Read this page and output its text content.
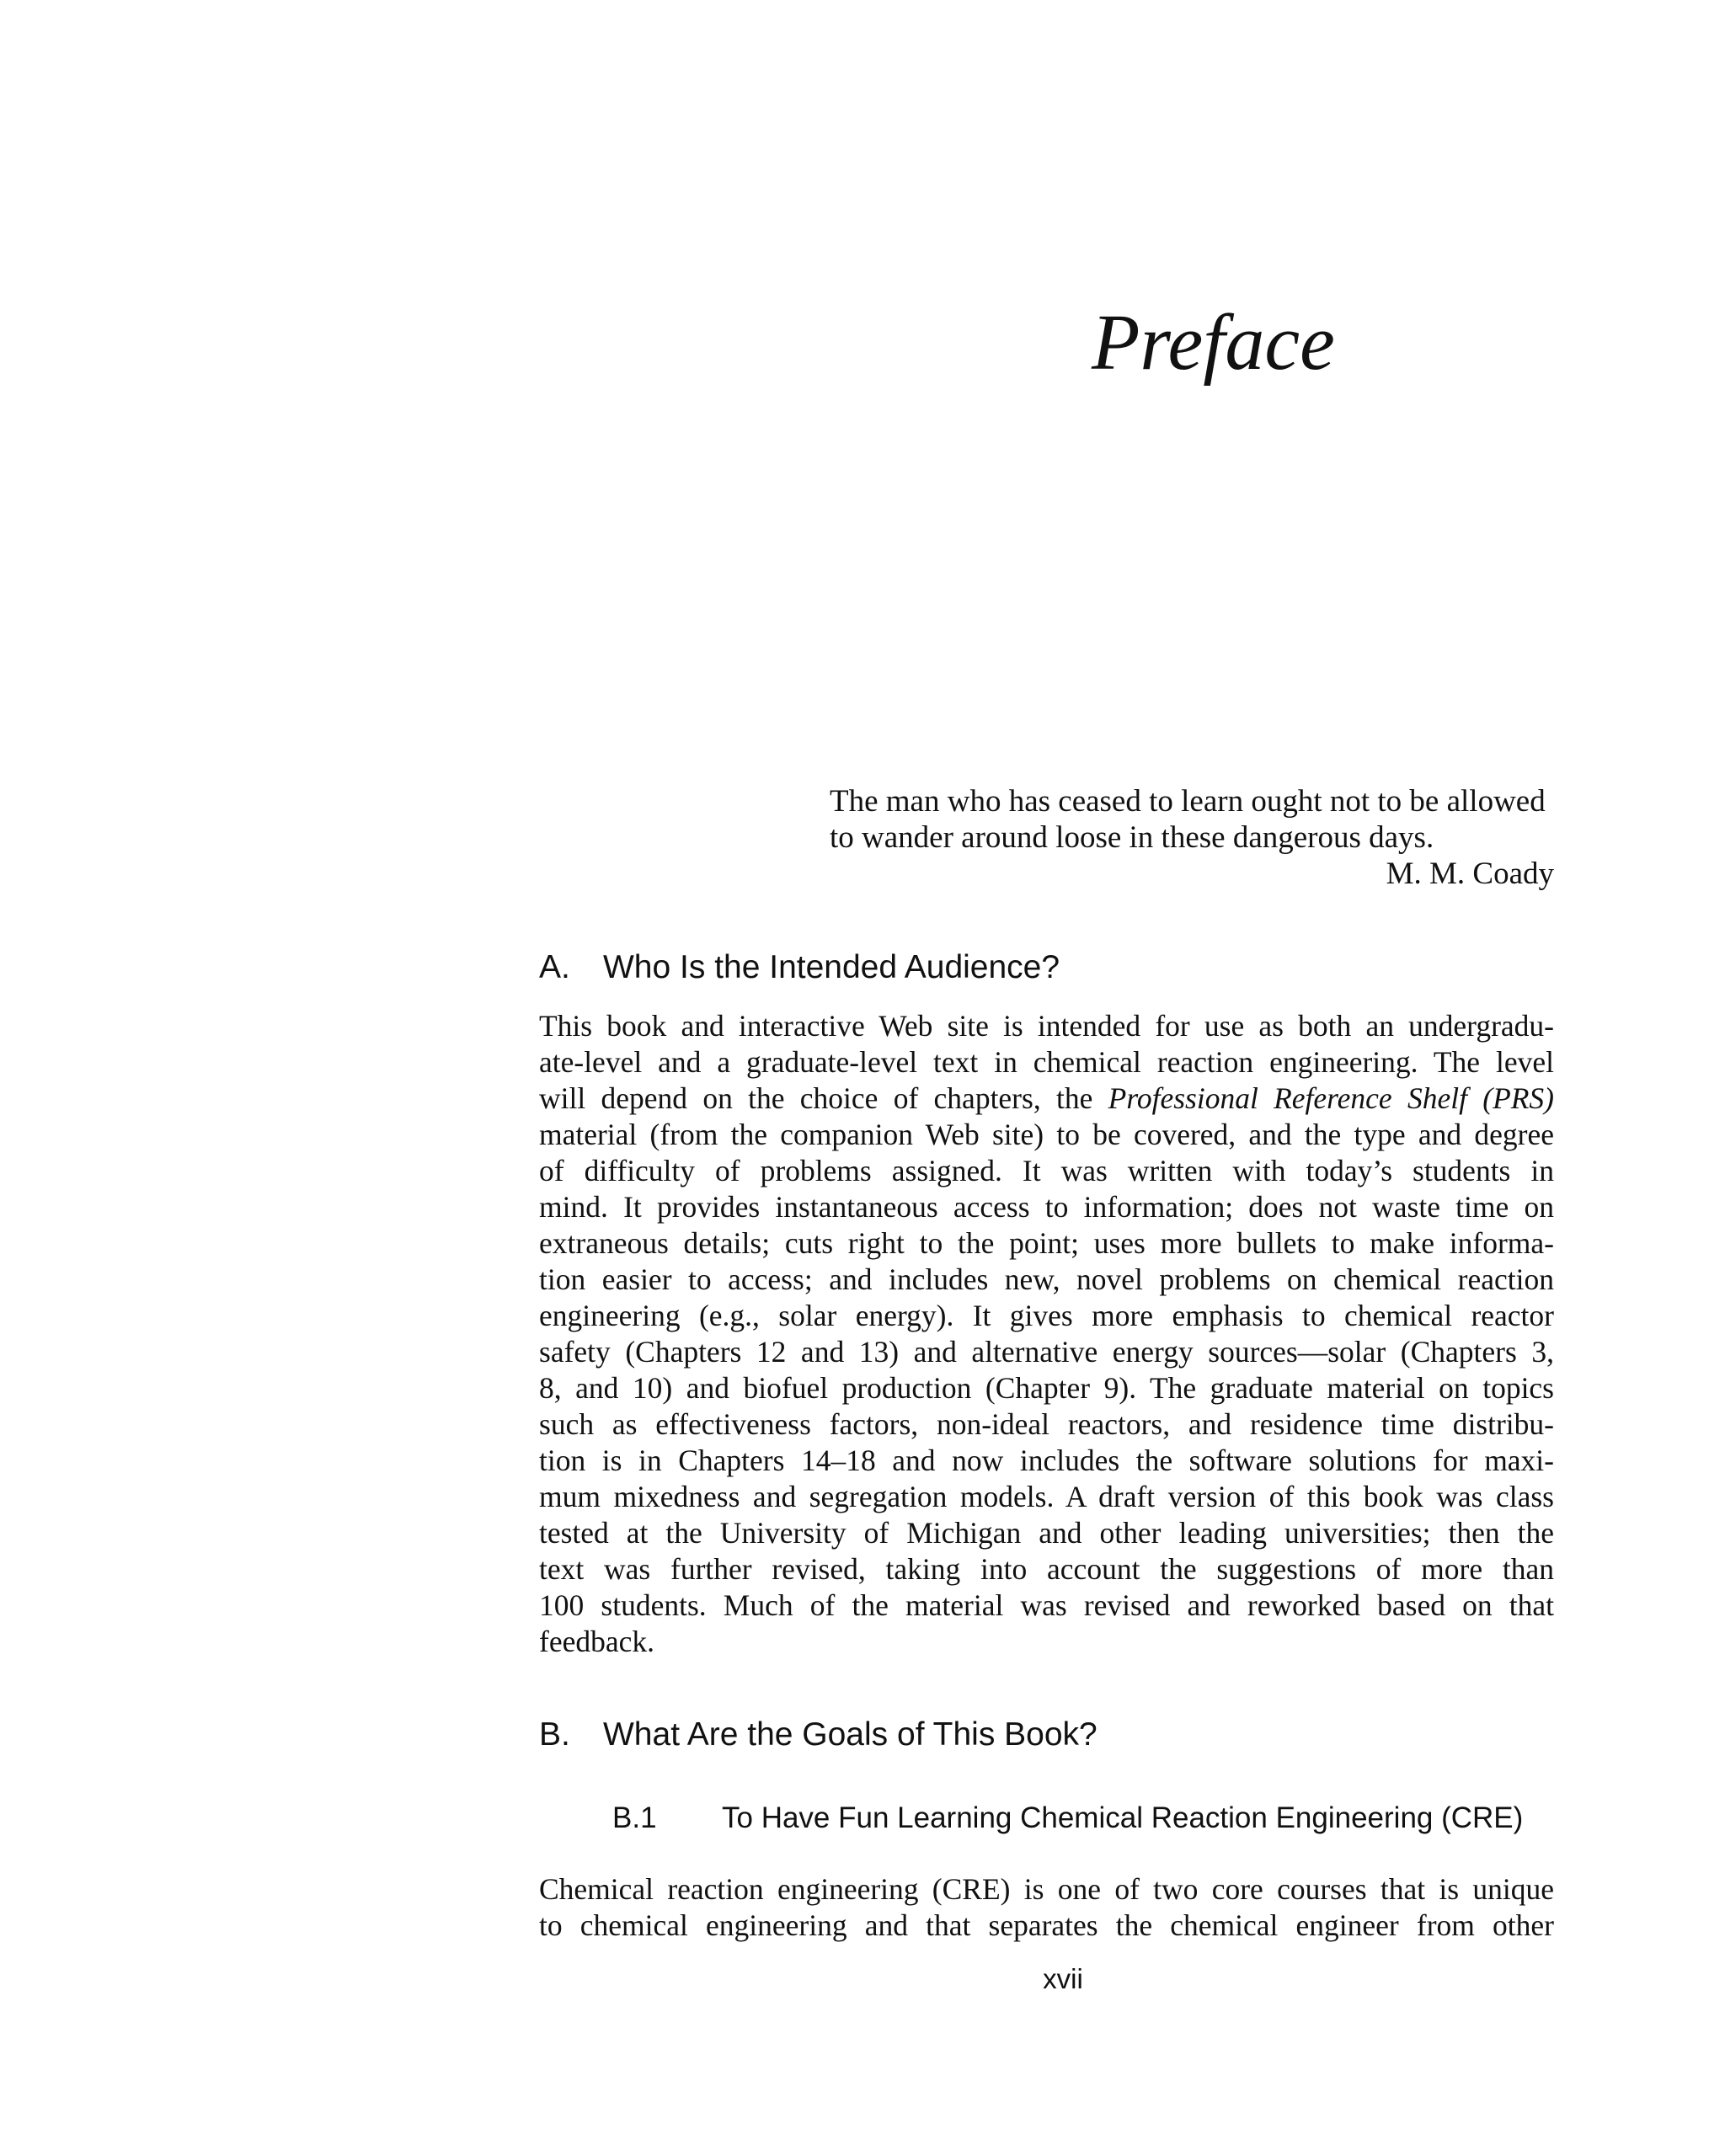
Preface
The man who has ceased to learn ought not to be allowed
to wander around loose in these dangerous days.
M. M. Coady
A. Who Is the Intended Audience?
This book and interactive Web site is intended for use as both an undergradu-
ate-level and a graduate-level text in chemical reaction engineering. The level
will depend on the choice of chapters, the Professional Reference Shelf (PRS)
material (from the companion Web site) to be covered, and the type and degree
of difficulty of problems assigned. It was written with today’s students in
mind. It provides instantaneous access to information; does not waste time on
extraneous details; cuts right to the point; uses more bullets to make informa-
tion easier to access; and includes new, novel problems on chemical reaction
engineering (e.g., solar energy). It gives more emphasis to chemical reactor
safety (Chapters 12 and 13) and alternative energy sources—solar (Chapters 3,
8, and 10) and biofuel production (Chapter 9). The graduate material on topics
such as effectiveness factors, non-ideal reactors, and residence time distribu-
tion is in Chapters 14–18 and now includes the software solutions for maxi-
mum mixedness and segregation models. A draft version of this book was class
tested at the University of Michigan and other leading universities; then the
text was further revised, taking into account the suggestions of more than
100 students. Much of the material was revised and reworked based on that
feedback.
B. What Are the Goals of This Book?
B.1 To Have Fun Learning Chemical Reaction Engineering (CRE)
Chemical reaction engineering (CRE) is one of two core courses that is unique
to chemical engineering and that separates the chemical engineer from other
xvii
